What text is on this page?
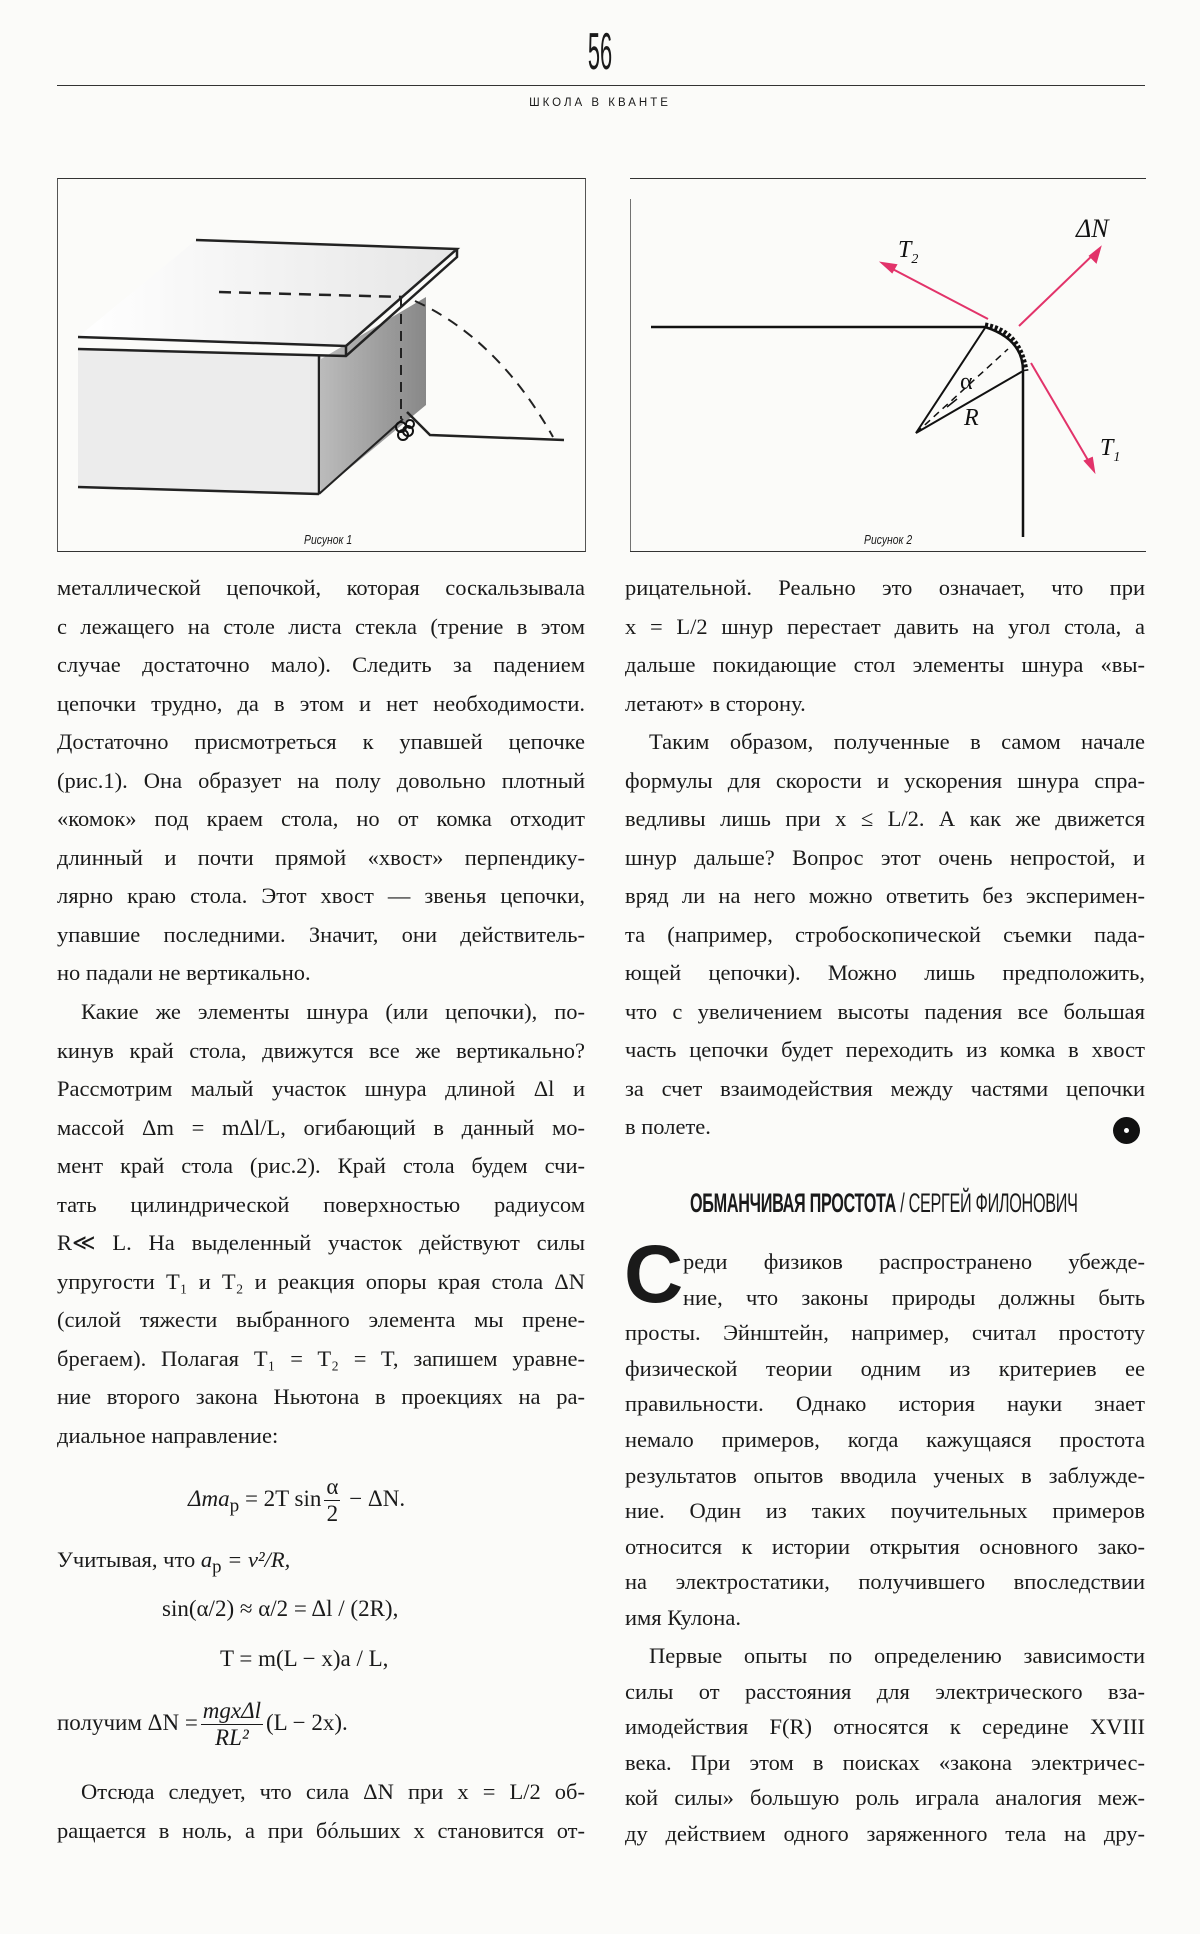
56
ШКОЛА В КВАНТЕ
Рисунок 1
$T_2$
ΔN
$T_1$
α
R
Рисунок 2
металлической цепочкой, которая соскальзывала
с лежащего на столе листа стекла (трение в этом
случае достаточно мало). Следить за падением
цепочки трудно, да в этом и нет необходимости.
Достаточно присмотреться к упавшей цепочке
(рис.1). Она образует на полу довольно плотный
«комок» под краем стола, но от комка отходит
длинный и почти прямой «хвост» перпендику-
лярно краю стола. Этот хвост — звенья цепочки,
упавшие последними. Значит, они действитель-
но падали не вертикально.
Какие же элементы шнура (или цепочки), по-
кинув край стола, движутся все же вертикально?
Рассмотрим малый участок шнура длиной Δl и
массой Δm = mΔl/L, огибающий в данный мо-
мент край стола (рис.2). Край стола будем счи-
тать цилиндрической поверхностью радиусом
R≪ L. На выделенный участок действуют силы
упругости T₁ и T₂ и реакция опоры края стола ΔN
(силой тяжести выбранного элемента мы прене-
брегаем). Полагая T₁ = T₂ = T, запишем уравне-
ние второго закона Ньютона в проекциях на ра-
диальное направление:
Δma$_p$ = 2T $\sin \frac{\alpha}{2} - \Delta N$.
Учитывая, что $a_p = v^2/R$,
sin(α/2) ≈ α/2 = Δl / (2R),
T = m(L − x)a / L,
получим $\Delta N = \frac{\text{mgxΔl}}{\text{RL²}} (L - 2x)$.
Отсюда следует, что сила ΔN при x = L/2 об-
ращается в ноль, а при бóльших x становится от-
рицательной. Реально это означает, что при
x = L/2 шнур перестает давить на угол стола, а
дальше покидающие стол элементы шнура «вы-
летают» в сторону.
Таким образом, полученные в самом начале
формулы для скорости и ускорения шнура спра-
ведливы лишь при x ≤ L/2. А как же движется
шнур дальше? Вопрос этот очень непростой, и
вряд ли на него можно ответить без эксперимен-
та (например, стробоскопической съемки пада-
ющей цепочки). Можно лишь предположить,
что с увеличением высоты падения все большая
часть цепочки будет переходить из комка в хвост
за счет взаимодействия между частями цепочки
в полете.
ОБМАНЧИВАЯ ПРОСТОТА / СЕРГЕЙ ФИЛОНОВИЧ
С реди физиков распространено убежде-
ние, что законы природы должны быть
просты. Эйнштейн, например, считал простоту
физической теории одним из критериев ее
правильности. Однако история науки знает
немало примеров, когда кажущаяся простота
результатов опытов вводила ученых в заблужде-
ние. Один из таких поучительных примеров
относится к истории открытия основного зако-
на электростатики, получившего впоследствии
имя Кулона.
Первые опыты по определению зависимости
силы от расстояния для электрического вза-
имодействия F(R) относятся к середине XVIII
века. При этом в поисках «закона электричес-
кой силы» большую роль играла аналогия меж-
ду действием одного заряженного тела на дру-
